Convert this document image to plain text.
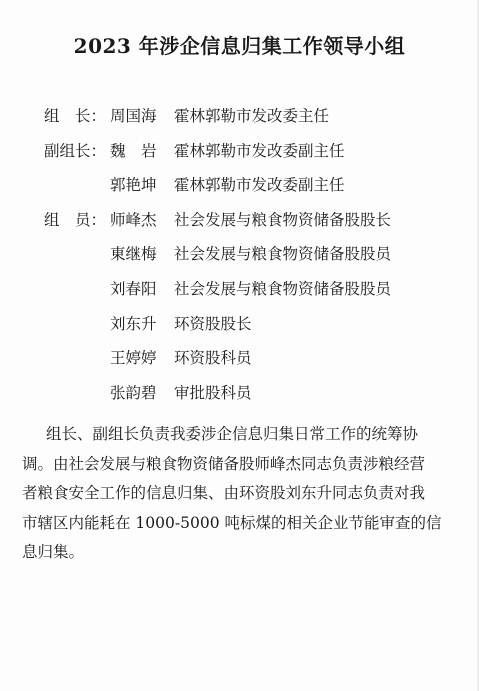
2023 年涉企信息归集工作领导小组
组　长： 周国海	霍林郭勒市发改委主任
副组长： 魏　岩	霍林郭勒市发改委副主任
郭艳坤	霍林郭勒市发改委副主任
组　员： 师峰杰	社会发展与粮食物资储备股股长
東继梅	社会发展与粮食物资储备股股员
刘春阳	社会发展与粮食物资储备股股员
刘东升	环资股股长
王婷婷	环资股科员
张韵碧	审批股科员
组长、副组长负责我委涉企信息归集日常工作的统筹协
调。由社会发展与粮食物资储备股师峰杰同志负责涉粮经营
者粮食安全工作的信息归集、由环资股刘东升同志负责对我
市辖区内能耗在 1000-5000 吨标煤的相关企业节能审查的信
息归集。
